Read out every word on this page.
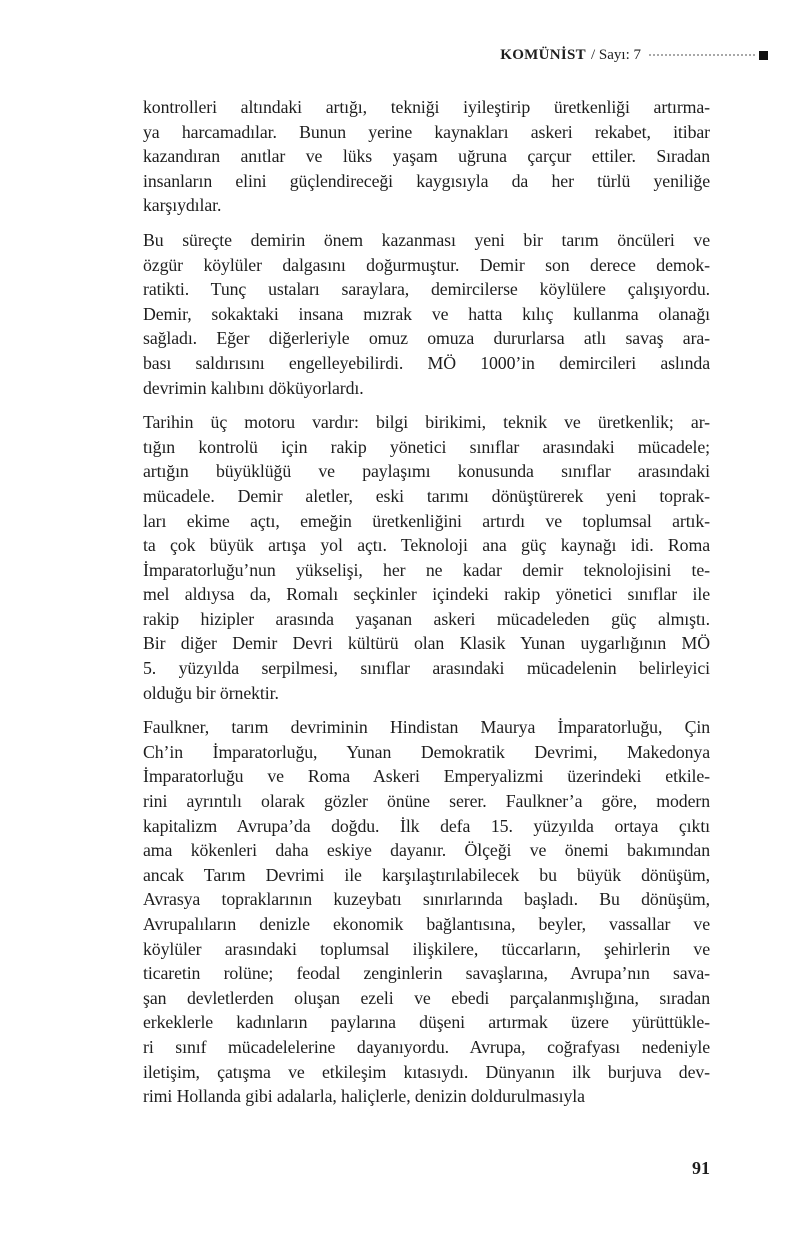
KOMÜNİST / Sayı: 7
kontrolleri altındaki artığı, tekniği iyileştirip üretkenliği artırma-
ya harcamadılar. Bunun yerine kaynakları askeri rekabet, itibar
kazandıran anıtlar ve lüks yaşam uğruna çarçur ettiler. Sıradan
insanların elini güçlendireceği kaygısıyla da her türlü yeniliğe
karşıydılar.
Bu süreçte demirin önem kazanması yeni bir tarım öncüleri ve
özgür köylüler dalgasını doğurmuştur. Demir son derece demok-
ratikti. Tunç ustaları saraylara, demircilerse köylülere çalışıyordu.
Demir, sokaktaki insana mızrak ve hatta kılıç kullanma olanağı
sağladı. Eğer diğerleriyle omuz omuza dururlarsa atlı savaş ara-
bası saldırısını engelleyebilirdi. MÖ 1000’in demircileri aslında
devrimin kalıbını döküyorlardı.
Tarihin üç motoru vardır: bilgi birikimi, teknik ve üretkenlik; ar-
tığın kontrolü için rakip yönetici sınıflar arasındaki mücadele;
artığın büyüklüğü ve paylaşımı konusunda sınıflar arasındaki
mücadele. Demir aletler, eski tarımı dönüştürerek yeni toprak-
ları ekime açtı, emeğin üretkenliğini artırdı ve toplumsal artık-
ta çok büyük artışa yol açtı. Teknoloji ana güç kaynağı idi. Roma
İmparatorluğu’nun yükselişi, her ne kadar demir teknolojisini te-
mel aldıysa da, Romalı seçkinler içindeki rakip yönetici sınıflar ile
rakip hizipler arasında yaşanan askeri mücadeleden güç almıştı.
Bir diğer Demir Devri kültürü olan Klasik Yunan uygarlığının MÖ
5. yüzyılda serpilmesi, sınıflar arasındaki mücadelenin belirleyici
olduğu bir örnektir.
Faulkner, tarım devriminin Hindistan Maurya İmparatorluğu, Çin
Ch’in İmparatorluğu, Yunan Demokratik Devrimi, Makedonya
İmparatorluğu ve Roma Askeri Emperyalizmi üzerindeki etkile-
rini ayrıntılı olarak gözler önüne serer. Faulkner’a göre, modern
kapitalizm Avrupa’da doğdu. İlk defa 15. yüzyılda ortaya çıktı
ama kökenleri daha eskiye dayanır. Ölçeği ve önemi bakımından
ancak Tarım Devrimi ile karşılaştırılabilecek bu büyük dönüşüm,
Avrasya topraklarının kuzeybatı sınırlarında başladı. Bu dönüşüm,
Avrupalıların denizle ekonomik bağlantısına, beyler, vassallar ve
köylüler arasındaki toplumsal ilişkilere, tüccarların, şehirlerin ve
ticaretin rolüne; feodal zenginlerin savaşlarına, Avrupa’nın sava-
şan devletlerden oluşan ezeli ve ebedi parçalanmışlığına, sıradan
erkeklerle kadınların paylarına düşeni artırmak üzere yürüttükle-
ri sınıf mücadelelerine dayanıyordu. Avrupa, coğrafyası nedeniyle
iletişim, çatışma ve etkileşim kıtasıydı. Dünyanın ilk burjuva dev-
rimi Hollanda gibi adalarla, haliçlerle, denizin doldurulmasıyla
91
